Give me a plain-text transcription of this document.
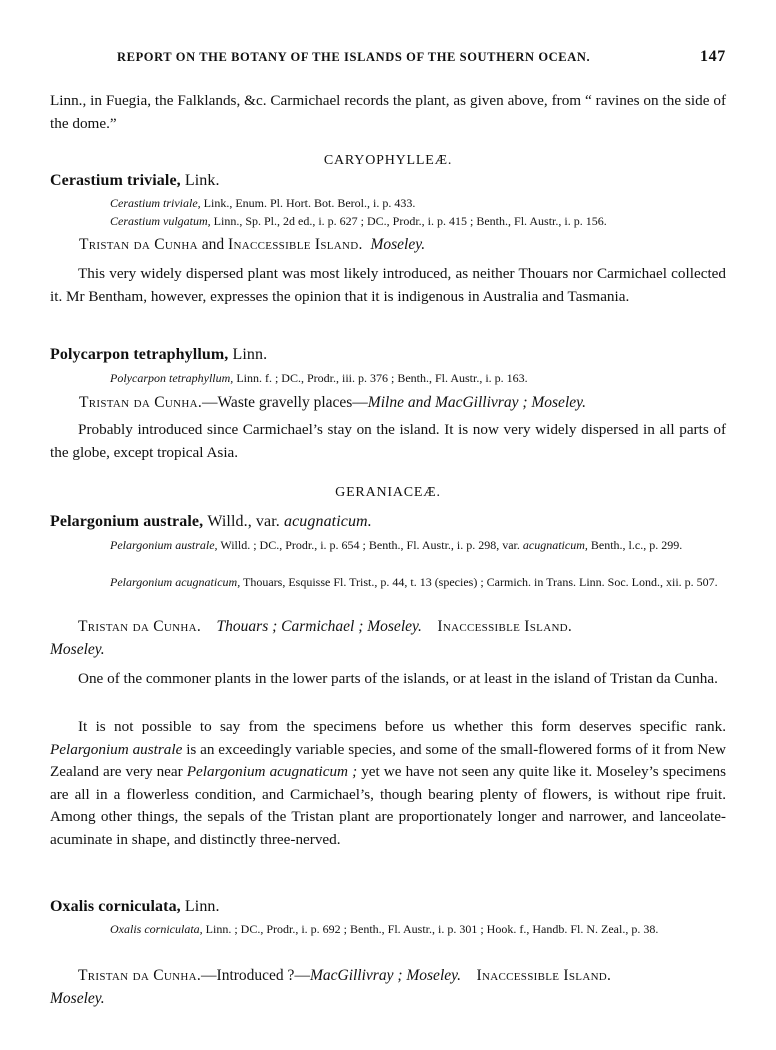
REPORT ON THE BOTANY OF THE ISLANDS OF THE SOUTHERN OCEAN.	147

Linn., in Fuegia, the Falklands, &c. Carmichael records the plant, as given above, from “ ravines on the side of the dome.”

CARYOPHYLLEÆ.
Cerastium triviale, Link.
Cerastium triviale, Link., Enum. Pl. Hort. Bot. Berol., i. p. 433.
Cerastium vulgatum, Linn., Sp. Pl., 2d ed., i. p. 627 ; DC., Prodr., i. p. 415 ; Benth., Fl. Austr., i. p. 156.
Tristan da Cunha and Inaccessible Island. Moseley.

This very widely dispersed plant was most likely introduced, as neither Thouars nor Carmichael collected it. Mr Bentham, however, expresses the opinion that it is indigenous in Australia and Tasmania.

Polycarpon tetraphyllum, Linn.
Polycarpon tetraphyllum, Linn. f. ; DC., Prodr., iii. p. 376 ; Benth., Fl. Austr., i. p. 163.
Tristan da Cunha.—Waste gravelly places—Milne and MacGillivray ; Moseley.

Probably introduced since Carmichael’s stay on the island. It is now very widely dispersed in all parts of the globe, except tropical Asia.

GERANIACEÆ.
Pelargonium australe, Willd., var. acugnaticum.
Pelargonium australe, Willd. ; DC., Prodr., i. p. 654 ; Benth., Fl. Austr., i. p. 298, var. acugnaticum, Benth., l.c., p. 299.
Pelargonium acugnaticum, Thouars, Esquisse Fl. Trist., p. 44, t. 13 (species) ; Carmich. in Trans. Linn. Soc. Lond., xii. p. 507.
Tristan da Cunha. Thouars ; Carmichael ; Moseley. Inaccessible Island.
Moseley.

One of the commoner plants in the lower parts of the islands, or at least in the island of Tristan da Cunha.

It is not possible to say from the specimens before us whether this form deserves specific rank. Pelargonium australe is an exceedingly variable species, and some of the small-flowered forms of it from New Zealand are very near Pelargonium acugnaticum ; yet we have not seen any quite like it. Moseley’s specimens are all in a flowerless condition, and Carmichael’s, though bearing plenty of flowers, is without ripe fruit. Among other things, the sepals of the Tristan plant are proportionately longer and narrower, and lanceolate-acuminate in shape, and distinctly three-nerved.

Oxalis corniculata, Linn.
Oxalis corniculata, Linn. ; DC., Prodr., i. p. 692 ; Benth., Fl. Austr., i. p. 301 ; Hook. f., Handb. Fl. N. Zeal., p. 38.
Tristan da Cunha.—Introduced ?—MacGillivray ; Moseley. Inaccessible Island.
Moseley.
